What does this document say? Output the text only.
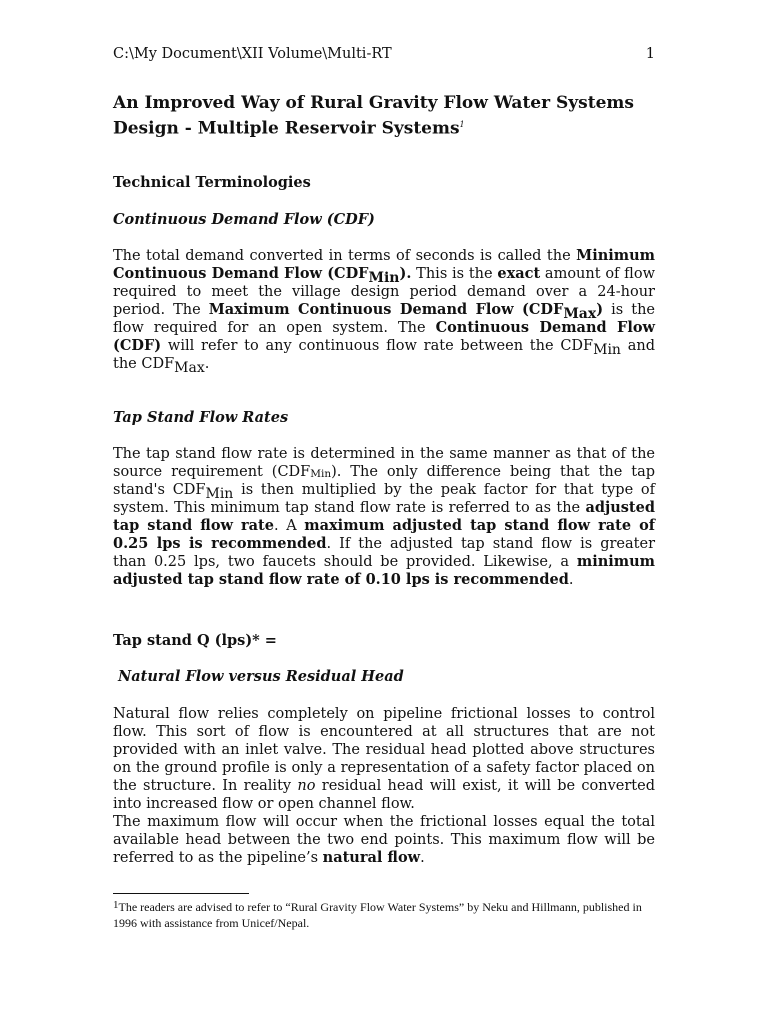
C:\My Document\XII Volume\Multi-RT	1
An Improved Way of Rural Gravity Flow Water Systems
Design - Multiple Reservoir Systems$^1$
Technical Terminologies
Continuous Demand Flow (CDF)

The total demand converted in terms of seconds is called the Minimum Continuous Demand Flow $(CDF_{Min})$. This is the exact amount of flow required to meet the village design period demand over a 24-hour period. The Maximum Continuous Demand Flow $(CDF_{Max})$ is the flow required for an open system. The Continuous Demand Flow (CDF) will refer to any continuous flow rate between the $CDF_{Min}$ and the $CDF_{Max}$.

Tap Stand Flow Rates

The tap stand flow rate is determined in the same manner as that of the source requirement $(CDF_{Min})$. The only difference being that the tap stand's $CDF_{Min}$ is then multiplied by the peak factor for that type of system. This minimum tap stand flow rate is referred to as the adjusted tap stand flow rate. A maximum adjusted tap stand flow rate of 0.25 lps is recommended. If the adjusted tap stand flow is greater than 0.25 lps, two faucets should be provided. Likewise, a minimum adjusted tap stand flow rate of 0.10 lps is recommended.

Tap stand Q (lps)* =

Natural Flow versus Residual Head

Natural flow relies completely on pipeline frictional losses to control flow. This sort of flow is encountered at all structures that are not provided with an inlet valve. The residual head plotted above structures on the ground profile is only a representation of a safety factor placed on the structure. In reality no residual head will exist, it will be converted into increased flow or open channel flow.

The maximum flow will occur when the frictional losses equal the total available head between the two end points. This maximum flow will be referred to as the pipeline’s natural flow.

$^1$The readers are advised to refer to “Rural Gravity Flow Water Systems” by Neku and Hillmann, published in 1996 with assistance from Unicef/Nepal.
